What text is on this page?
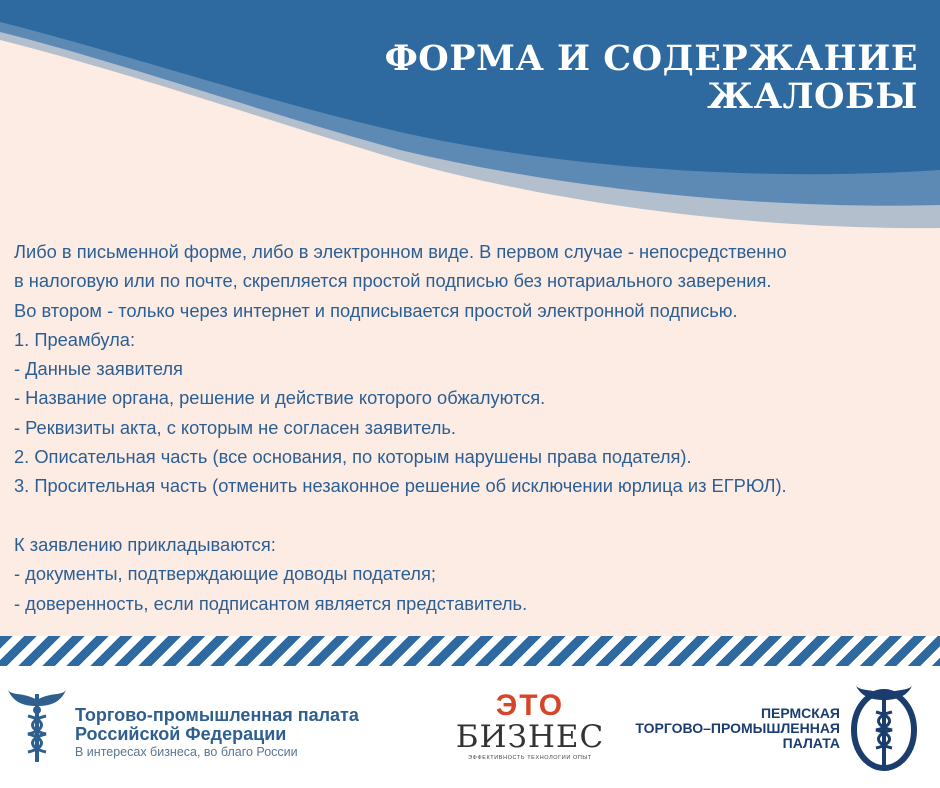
ФОРМА И СОДЕРЖАНИЕ
ЖАЛОБЫ
Либо в письменной форме, либо в электронном виде. В первом случае - непосредственно
в налоговую или по почте, скрепляется простой подписью без нотариального заверения.
Во втором - только через интернет и подписывается простой электронной подписью.
1. Преамбула:
- Данные заявителя
- Название органа, решение и действие которого обжалуются.
- Реквизиты акта, с которым не согласен заявитель.
2. Описательная часть (все основания, по которым нарушены права подателя).
3. Просительная часть (отменить незаконное решение об исключении юрлица из ЕГРЮЛ).
К заявлению прикладываются:
- документы, подтверждающие доводы подателя;
- доверенность, если подписантом является представитель.
Торгово-промышленная палата
Российской Федерации
В интересах бизнеса, во благо России
ЭТО
БИЗНЕС
ЭФФЕКТИВНОСТЬ ТЕХНОЛОГИИ ОПЫТ
ПЕРМСКАЯ
ТОРГОВО–ПРОМЫШЛЕННАЯ
ПАЛАТА
